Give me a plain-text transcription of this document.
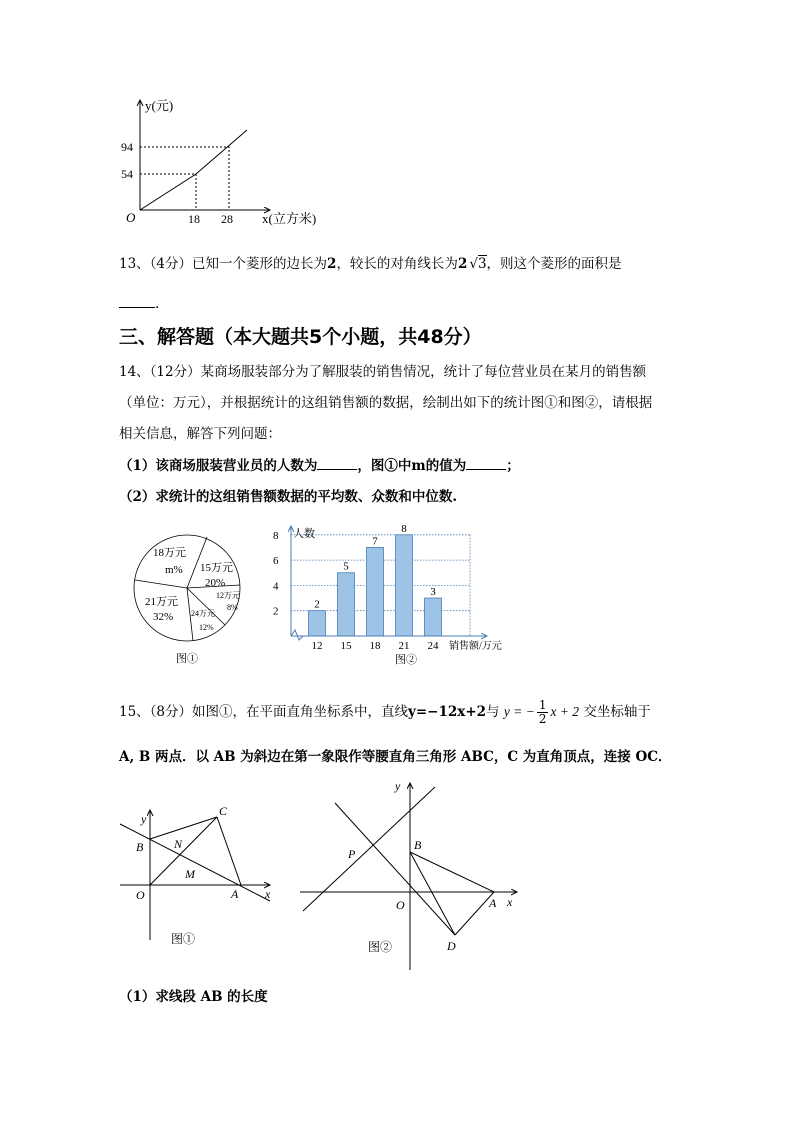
y(元)
94
54
O	18 28 x(立方米)
13、（4分）已知一个菱形的边长为2，较长的对角线长为2 √3，则这个菱形的面积是
.
三、解答题（本大题共5个小题，共48分）
14、（12分）某商场服装部分为了解服装的销售情况，统计了每位营业员在某月的销售额
（单位：万元），并根据统计的这组销售额的数据，绘制出如下的统计图①和图②，请根据
相关信息，解答下列问题：
（1）该商场服装营业员的人数为	，图①中m的值为	；
（2）求统计的这组销售额数据的平均数、众数和中位数.
18万元
m% 15万元
20%
12万元
8%
24万元
12%
21万元
32%
图①
2
4
6
8
2
12
5
15
7
18
8
21
3
24
人数
销售额/万元
图②
15、（8分）如图①，在平面直角坐标系中，直线y=−12x+2与 y = − $\frac{1}{2}$ x + 2 交坐标轴于
A, B 两点．以 AB 为斜边在第一象限作等腰直角三角形 ABC，C 为直角顶点，连接 OC．
y
x
O	A
B
C
N
M
图①
y
x
O	A
B
P
D
图②
（1）求线段 AB 的长度
